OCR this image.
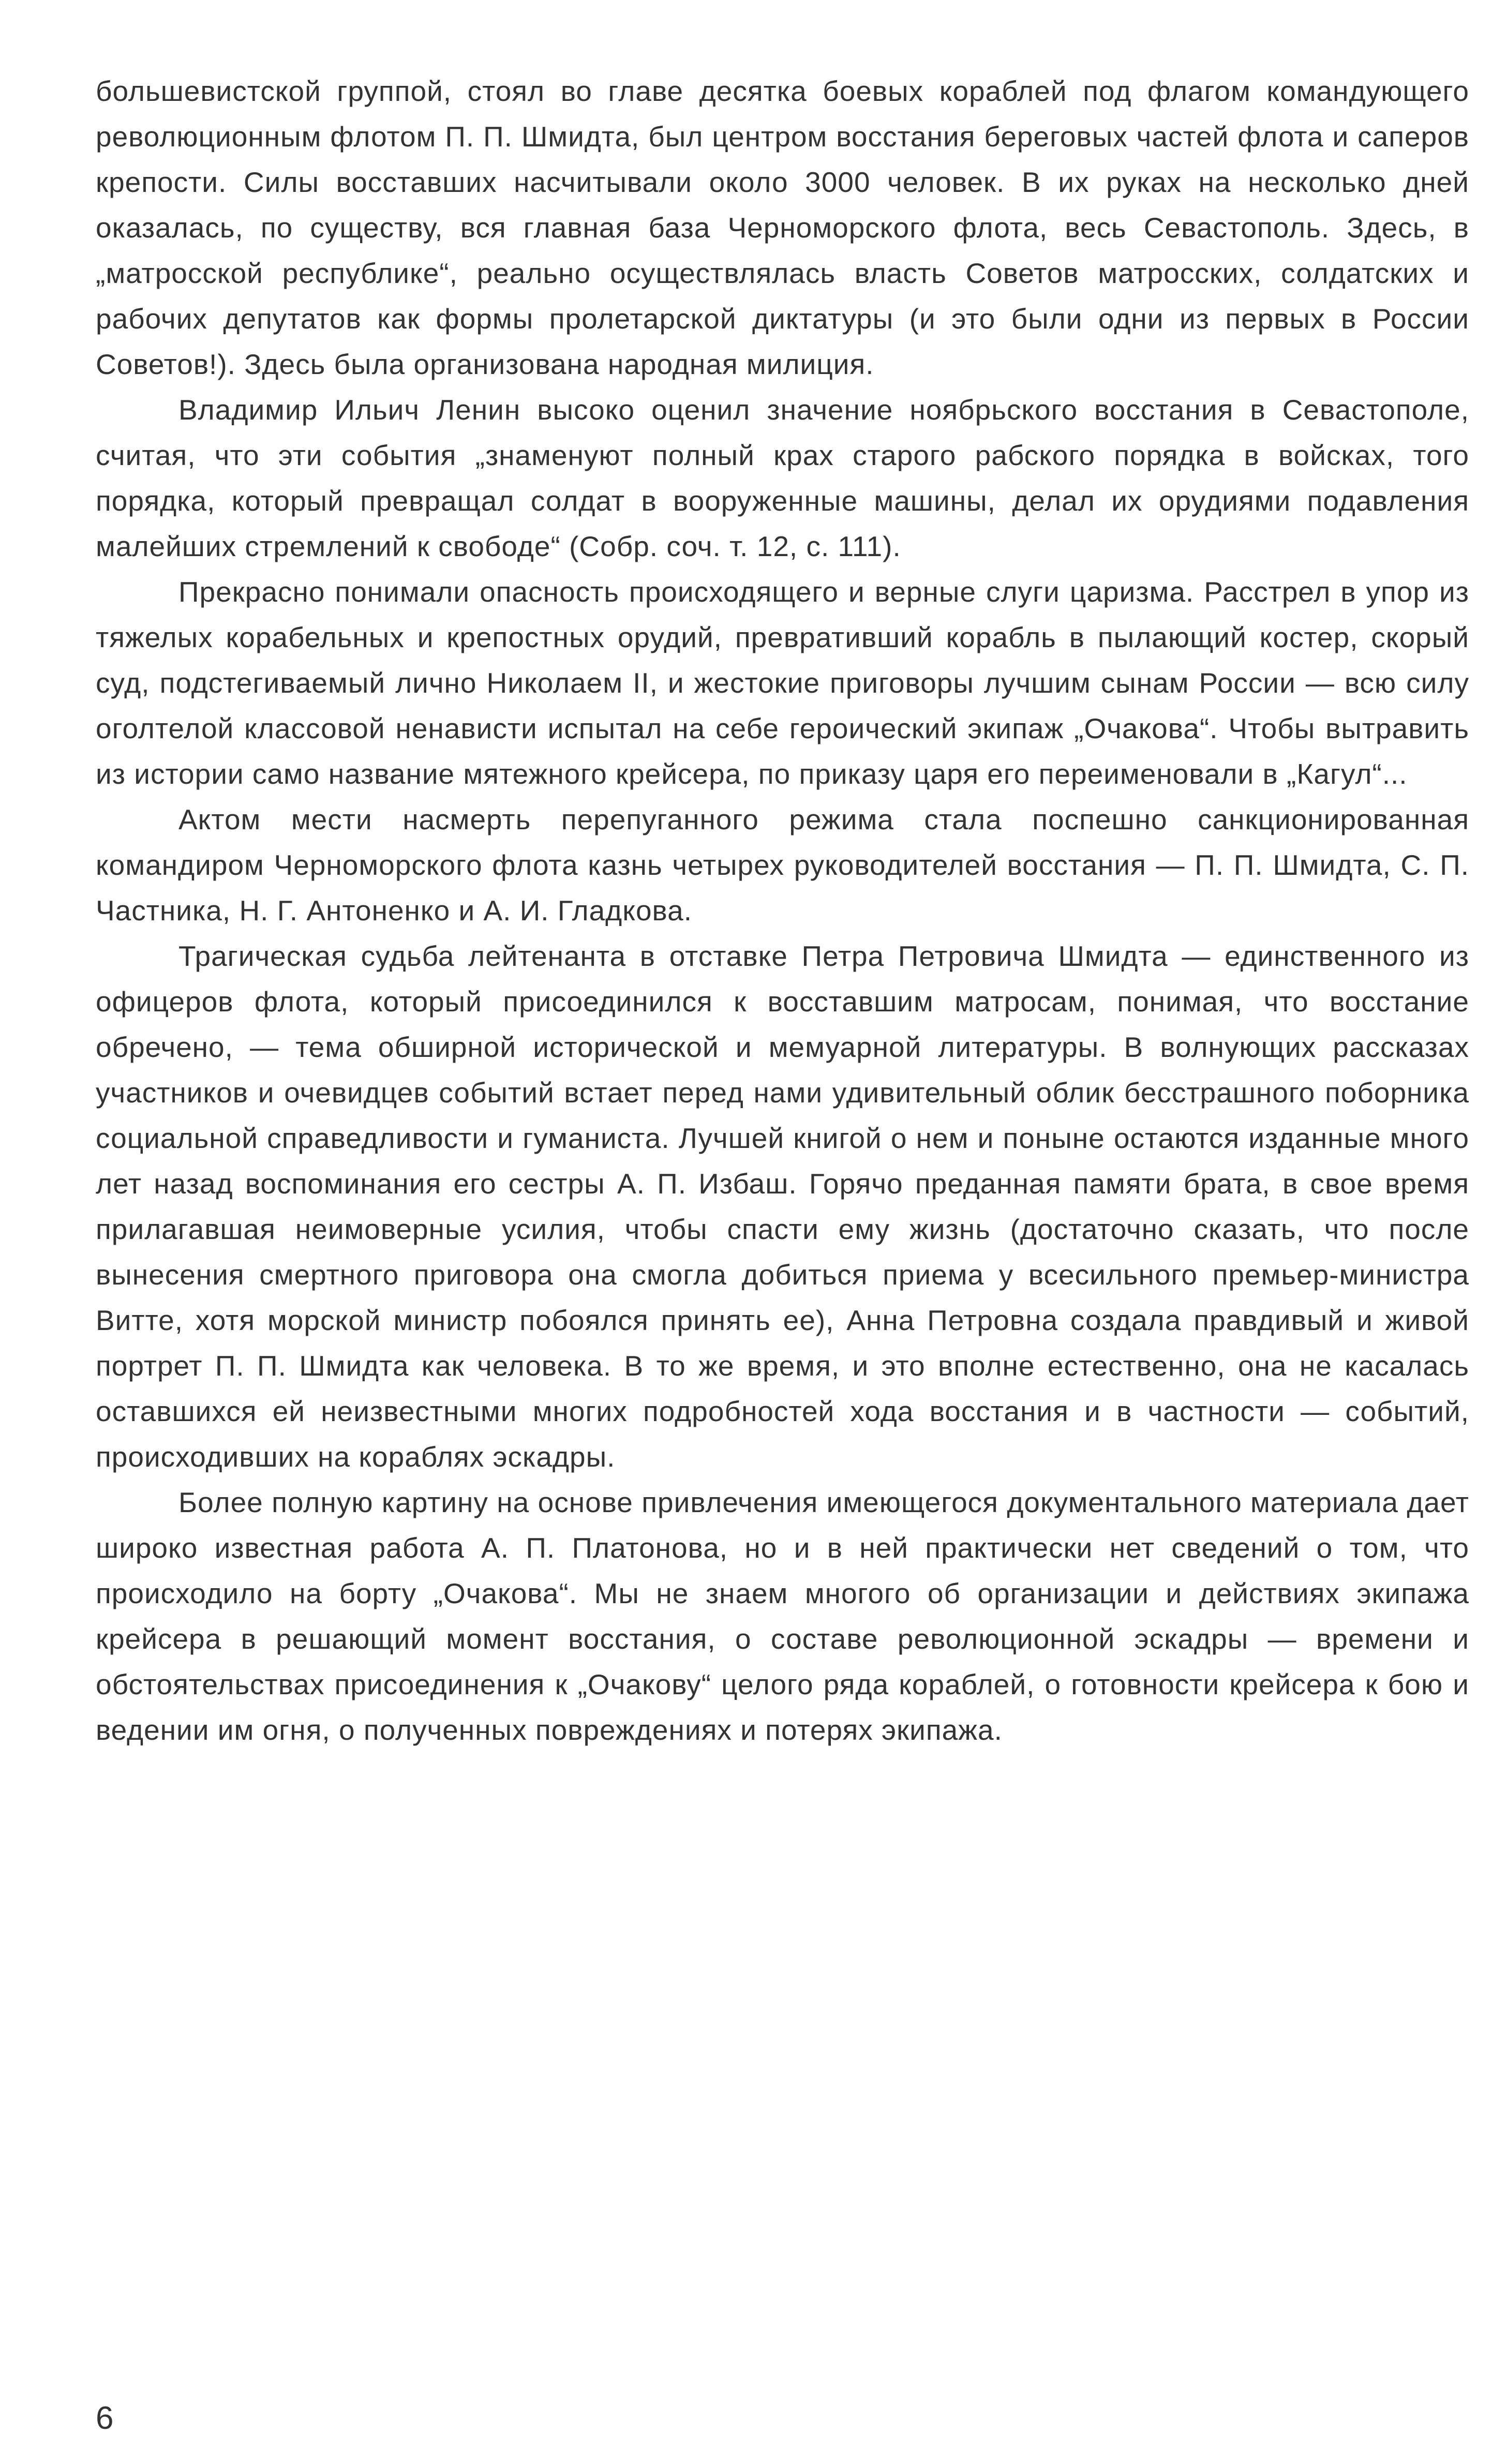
большевистской группой, стоял во главе десятка боевых кораблей под флагом командующего революционным флотом П. П. Шмидта, был центром восстания береговых частей флота и саперов крепости. Силы восставших насчитывали около 3000 человек. В их руках на несколько дней оказалась, по существу, вся главная база Черноморского флота, весь Севастополь. Здесь, в „матросской республике“, реально осуществлялась власть Советов матросских, солдатских и рабочих депутатов как формы пролетарской диктатуры (и это были одни из первых в России Советов!). Здесь была организована народная милиция.

Владимир Ильич Ленин высоко оценил значение ноябрьского восстания в Севастополе, считая, что эти события „знаменуют полный крах старого рабского порядка в войсках, того порядка, который превращал солдат в вооруженные машины, делал их орудиями подавления малейших стремлений к свободе“ (Собр. соч. т. 12, с. 111).

Прекрасно понимали опасность происходящего и верные слуги царизма. Расстрел в упор из тяжелых корабельных и крепостных орудий, превративший корабль в пылающий костер, скорый суд, подстегиваемый лично Николаем II, и жестокие приговоры лучшим сынам России — всю силу оголтелой классовой ненависти испытал на себе героический экипаж „Очакова“. Чтобы вытравить из истории само название мятежного крейсера, по приказу царя его переименовали в „Кагул“...

Актом мести насмерть перепуганного режима стала поспешно санкционированная командиром Черноморского флота казнь четырех руководителей восстания — П. П. Шмидта, С. П. Частника, Н. Г. Антоненко и А. И. Гладкова.

Трагическая судьба лейтенанта в отставке Петра Петровича Шмидта — единственного из офицеров флота, который присоединился к восставшим матросам, понимая, что восстание обречено, — тема обширной исторической и мемуарной литературы. В волнующих рассказах участников и очевидцев событий встает перед нами удивительный облик бесстрашного поборника социальной справедливости и гуманиста. Лучшей книгой о нем и поныне остаются изданные много лет назад воспоминания его сестры А. П. Избаш. Горячо преданная памяти брата, в свое время прилагавшая неимоверные усилия, чтобы спасти ему жизнь (достаточно сказать, что после вынесения смертного приговора она смогла добиться приема у всесильного премьер-министра Витте, хотя морской министр побоялся принять ее), Анна Петровна создала правдивый и живой портрет П. П. Шмидта как человека. В то же время, и это вполне естественно, она не касалась оставшихся ей неизвестными многих подробностей хода восстания и в частности — событий, происходивших на кораблях эскадры.

Более полную картину на основе привлечения имеющегося документального материала дает широко известная работа А. П. Платонова, но и в ней практически нет сведений о том, что происходило на борту „Очакова“. Мы не знаем многого об организации и действиях экипажа крейсера в решающий момент восстания, о составе революционной эскадры — времени и обстоятельствах присоединения к „Очакову“ целого ряда кораблей, о готовности крейсера к бою и ведении им огня, о полученных повреждениях и потерях экипажа.

6
